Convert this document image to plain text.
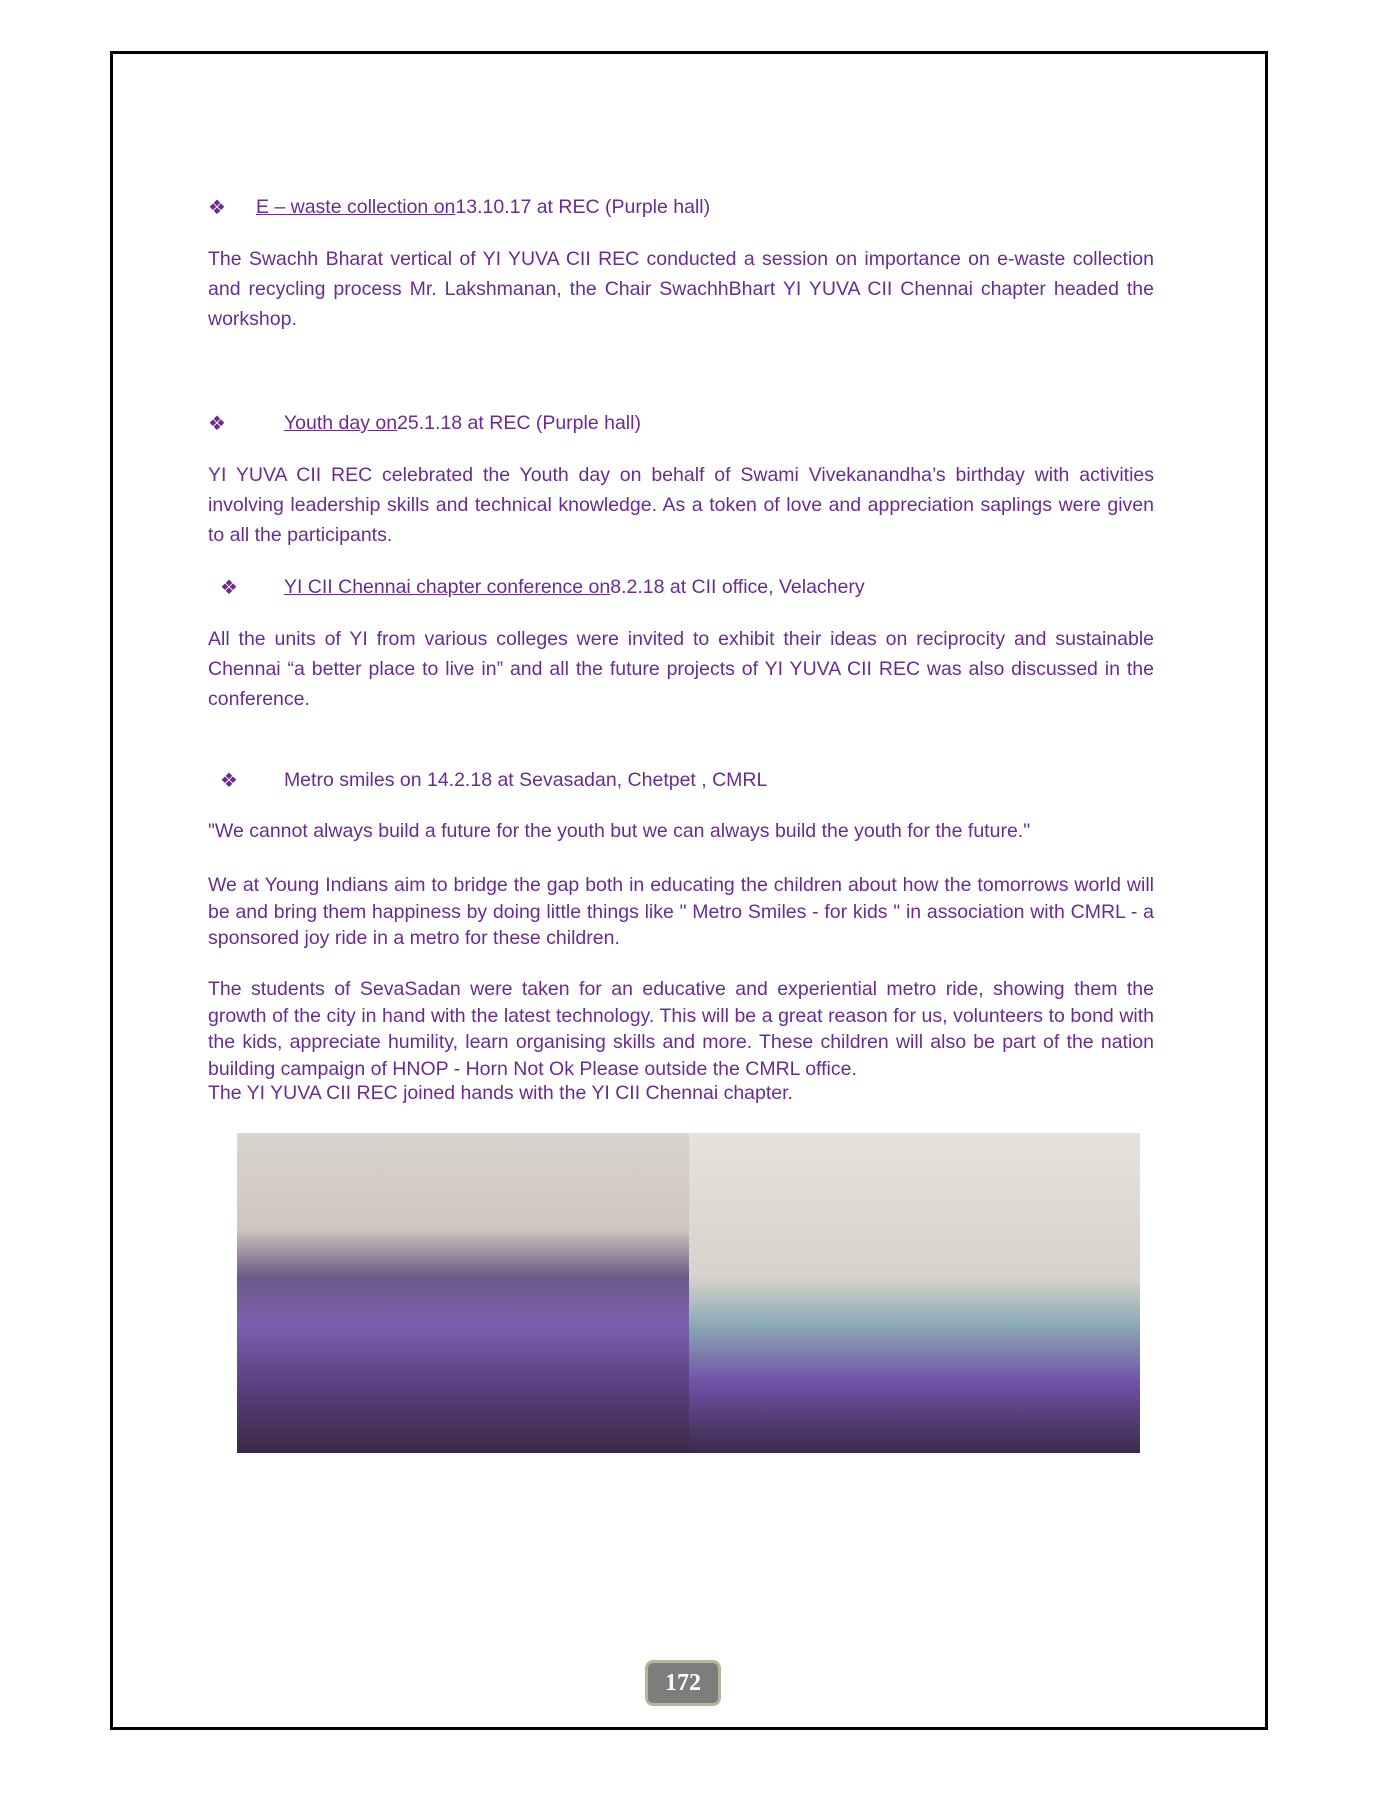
❖ E – waste collection on 13.10.17 at REC (Purple hall)
The Swachh Bharat vertical of YI YUVA CII REC conducted a session on importance on e-waste collection and recycling process Mr. Lakshmanan, the Chair SwachhBhart YI YUVA CII Chennai chapter headed the workshop.
❖	Youth day on 25.1.18 at REC (Purple hall)
YI YUVA CII REC celebrated the Youth day on behalf of Swami Vivekanandha’s birthday with activities involving leadership skills and technical knowledge. As a token of love and appreciation saplings were given to all the participants.
❖ YI CII Chennai chapter conference on 8.2.18 at CII office, Velachery
All the units of YI from various colleges were invited to exhibit their ideas on reciprocity and sustainable Chennai “a better place to live in” and all the future projects of YI YUVA CII REC was also discussed in the conference.
❖ Metro smiles on 14.2.18 at Sevasadan, Chetpet , CMRL
"We cannot always build a future for the youth but we can always build the youth for the future."
We at Young Indians aim to bridge the gap both in educating the children about how the tomorrows world will be and bring them happiness by doing little things like " Metro Smiles - for kids " in association with CMRL - a sponsored joy ride in a metro for these children.
The students of SevaSadan were taken for an educative and experiential metro ride, showing them the growth of the city in hand with the latest technology. This will be a great reason for us, volunteers to bond with the kids, appreciate humility, learn organising skills and more. These children will also be part of the nation building campaign of HNOP - Horn Not Ok Please outside the CMRL office.
The YI YUVA CII REC joined hands with the YI CII Chennai chapter.
172
